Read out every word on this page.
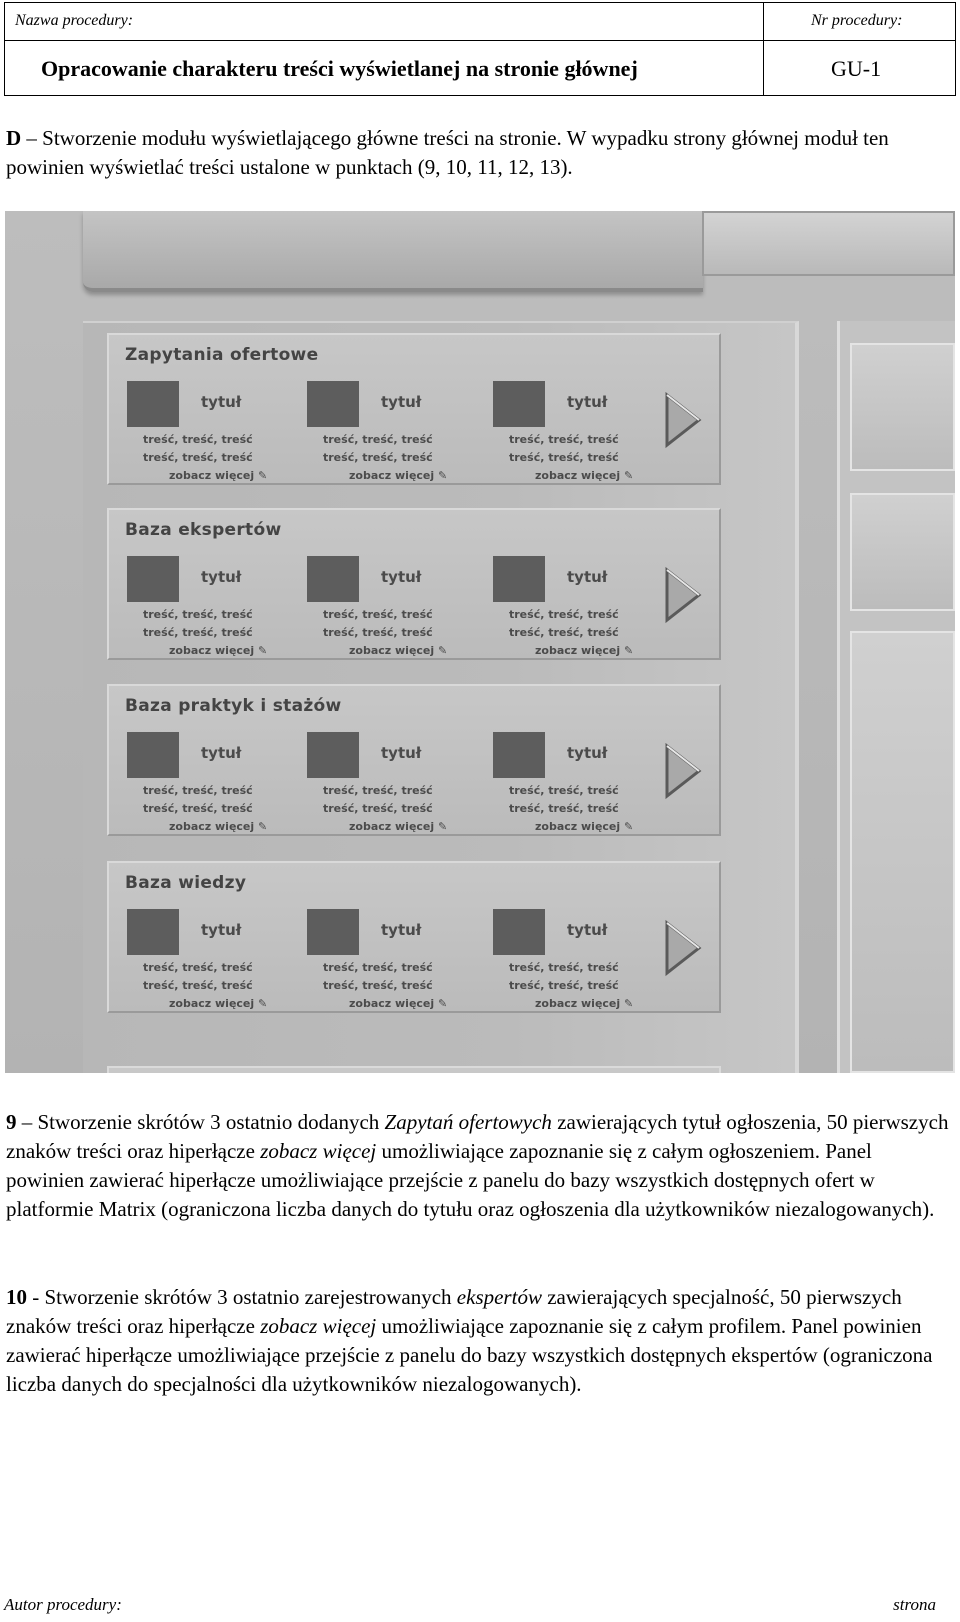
Nazwa procedury:	Nr procedury:
Opracowanie charakteru treści wyświetlanej na stronie głównej	GU-1
D – Stworzenie modułu wyświetlającego główne treści na stronie. W wypadku strony głównej moduł ten powinien wyświetlać treści ustalone w punktach (9, 10, 11, 12, 13).
Zapytania ofertowe
tytuł
treść, treść, treść
treść, treść, treść
zobacz więcej ✎
tytuł
treść, treść, treść
treść, treść, treść
zobacz więcej ✎
tytuł
treść, treść, treść
treść, treść, treść
zobacz więcej ✎
Baza ekspertów
tytuł
treść, treść, treść
treść, treść, treść
zobacz więcej ✎
tytuł
treść, treść, treść
treść, treść, treść
zobacz więcej ✎
tytuł
treść, treść, treść
treść, treść, treść
zobacz więcej ✎
Baza praktyk i stażów
tytuł
treść, treść, treść
treść, treść, treść
zobacz więcej ✎
tytuł
treść, treść, treść
treść, treść, treść
zobacz więcej ✎
tytuł
treść, treść, treść
treść, treść, treść
zobacz więcej ✎
Baza wiedzy
tytuł
treść, treść, treść
treść, treść, treść
zobacz więcej ✎
tytuł
treść, treść, treść
treść, treść, treść
zobacz więcej ✎
tytuł
treść, treść, treść
treść, treść, treść
zobacz więcej ✎
9 – Stworzenie skrótów 3 ostatnio dodanych Zapytań ofertowych zawierających tytuł ogłoszenia, 50 pierwszych znaków treści oraz hiperłącze zobacz więcej umożliwiające zapoznanie się z całym ogłoszeniem. Panel powinien zawierać hiperłącze umożliwiające przejście z panelu do bazy wszystkich dostępnych ofert w platformie Matrix (ograniczona liczba danych do tytułu oraz ogłoszenia dla użytkowników niezalogowanych).
10 - Stworzenie skrótów 3 ostatnio zarejestrowanych ekspertów zawierających specjalność, 50 pierwszych znaków treści oraz hiperłącze zobacz więcej umożliwiające zapoznanie się z całym profilem. Panel powinien zawierać hiperłącze umożliwiające przejście z panelu do bazy wszystkich dostępnych ekspertów (ograniczona liczba danych do specjalności dla użytkowników niezalogowanych).
Autor procedury:	strona
